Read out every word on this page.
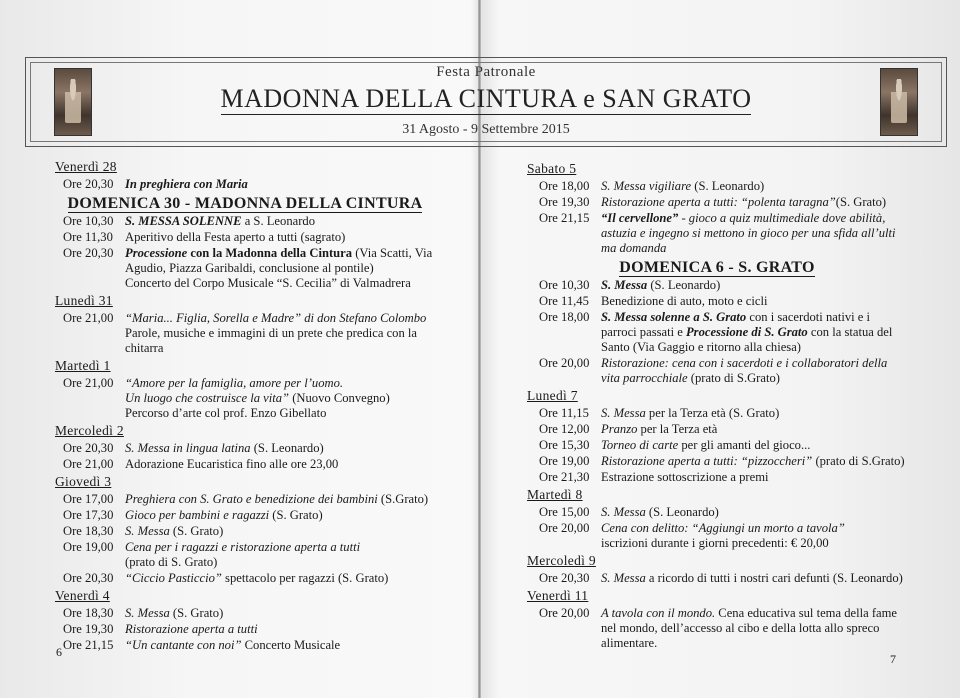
Festa Patronale
MADONNA DELLA CINTURA e SAN GRATO
31 Agosto - 9 Settembre 2015
Venerdì 28
Ore 20,30 In preghiera con Maria
DOMENICA 30 - MADONNA DELLA CINTURA
Ore 10,30 S. MESSA SOLENNE a S. Leonardo
Ore 11,30 Aperitivo della Festa aperto a tutti (sagrato)
Ore 20,30 Processione con la Madonna della Cintura (Via Scatti, Via Agudio, Piazza Garibaldi, conclusione al pontile)
Concerto del Corpo Musicale “S. Cecilia” di Valmadrera
Lunedì 31
Ore 21,00 “Maria... Figlia, Sorella e Madre” di don Stefano Colombo
Parole, musiche e immagini di un prete che predica con la chitarra
Martedì 1
Ore 21,00 “Amore per la famiglia, amore per l’uomo.
Un luogo che costruisce la vita” (Nuovo Convegno)
Percorso d’arte col prof. Enzo Gibellato
Mercoledì 2
Ore 20,30 S. Messa in lingua latina (S. Leonardo)
Ore 21,00 Adorazione Eucaristica fino alle ore 23,00
Giovedì 3
Ore 17,00 Preghiera con S. Grato e benedizione dei bambini (S.Grato)
Ore 17,30 Gioco per bambini e ragazzi (S. Grato)
Ore 18,30 S. Messa (S. Grato)
Ore 19,00 Cena per i ragazzi e ristorazione aperta a tutti
(prato di S. Grato)
Ore 20,30 “Ciccio Pasticcio” spettacolo per ragazzi (S. Grato)
Venerdì 4
Ore 18,30 S. Messa (S. Grato)
Ore 19,30 Ristorazione aperta a tutti
Ore 21,15 “Un cantante con noi” Concerto Musicale
Sabato 5
Ore 18,00 S. Messa vigiliare (S. Leonardo)
Ore 19,30 Ristorazione aperta a tutti: “polenta taragna”(S. Grato)
Ore 21,15 “Il cervellone” - gioco a quiz multimediale dove abilità, astuzia e ingegno si mettono in gioco per una sfida all’ulti ma domanda
DOMENICA 6 - S. GRATO
Ore 10,30 S. Messa (S. Leonardo)
Ore 11,45 Benedizione di auto, moto e cicli
Ore 18,00 S. Messa solenne a S. Grato con i sacerdoti nativi e i parroci passati e Processione di S. Grato con la statua del Santo (Via Gaggio e ritorno alla chiesa)
Ore 20,00 Ristorazione: cena con i sacerdoti e i collaboratori della vita parrocchiale (prato di S.Grato)
Lunedì 7
Ore 11,15 S. Messa per la Terza età (S. Grato)
Ore 12,00 Pranzo per la Terza età
Ore 15,30 Torneo di carte per gli amanti del gioco...
Ore 19,00 Ristorazione aperta a tutti: “pizzoccheri” (prato di S.Grato)
Ore 21,30 Estrazione sottoscrizione a premi
Martedì 8
Ore 15,00 S. Messa (S. Leonardo)
Ore 20,00 Cena con delitto: “Aggiungi un morto a tavola”
iscrizioni durante i giorni precedenti: € 20,00
Mercoledì 9
Ore 20,30 S. Messa a ricordo di tutti i nostri cari defunti (S. Leonardo)
Venerdì 11
Ore 20,00 A tavola con il mondo. Cena educativa sul tema della fame nel mondo, dell’accesso al cibo e della lotta allo spreco alimentare.
6	7
